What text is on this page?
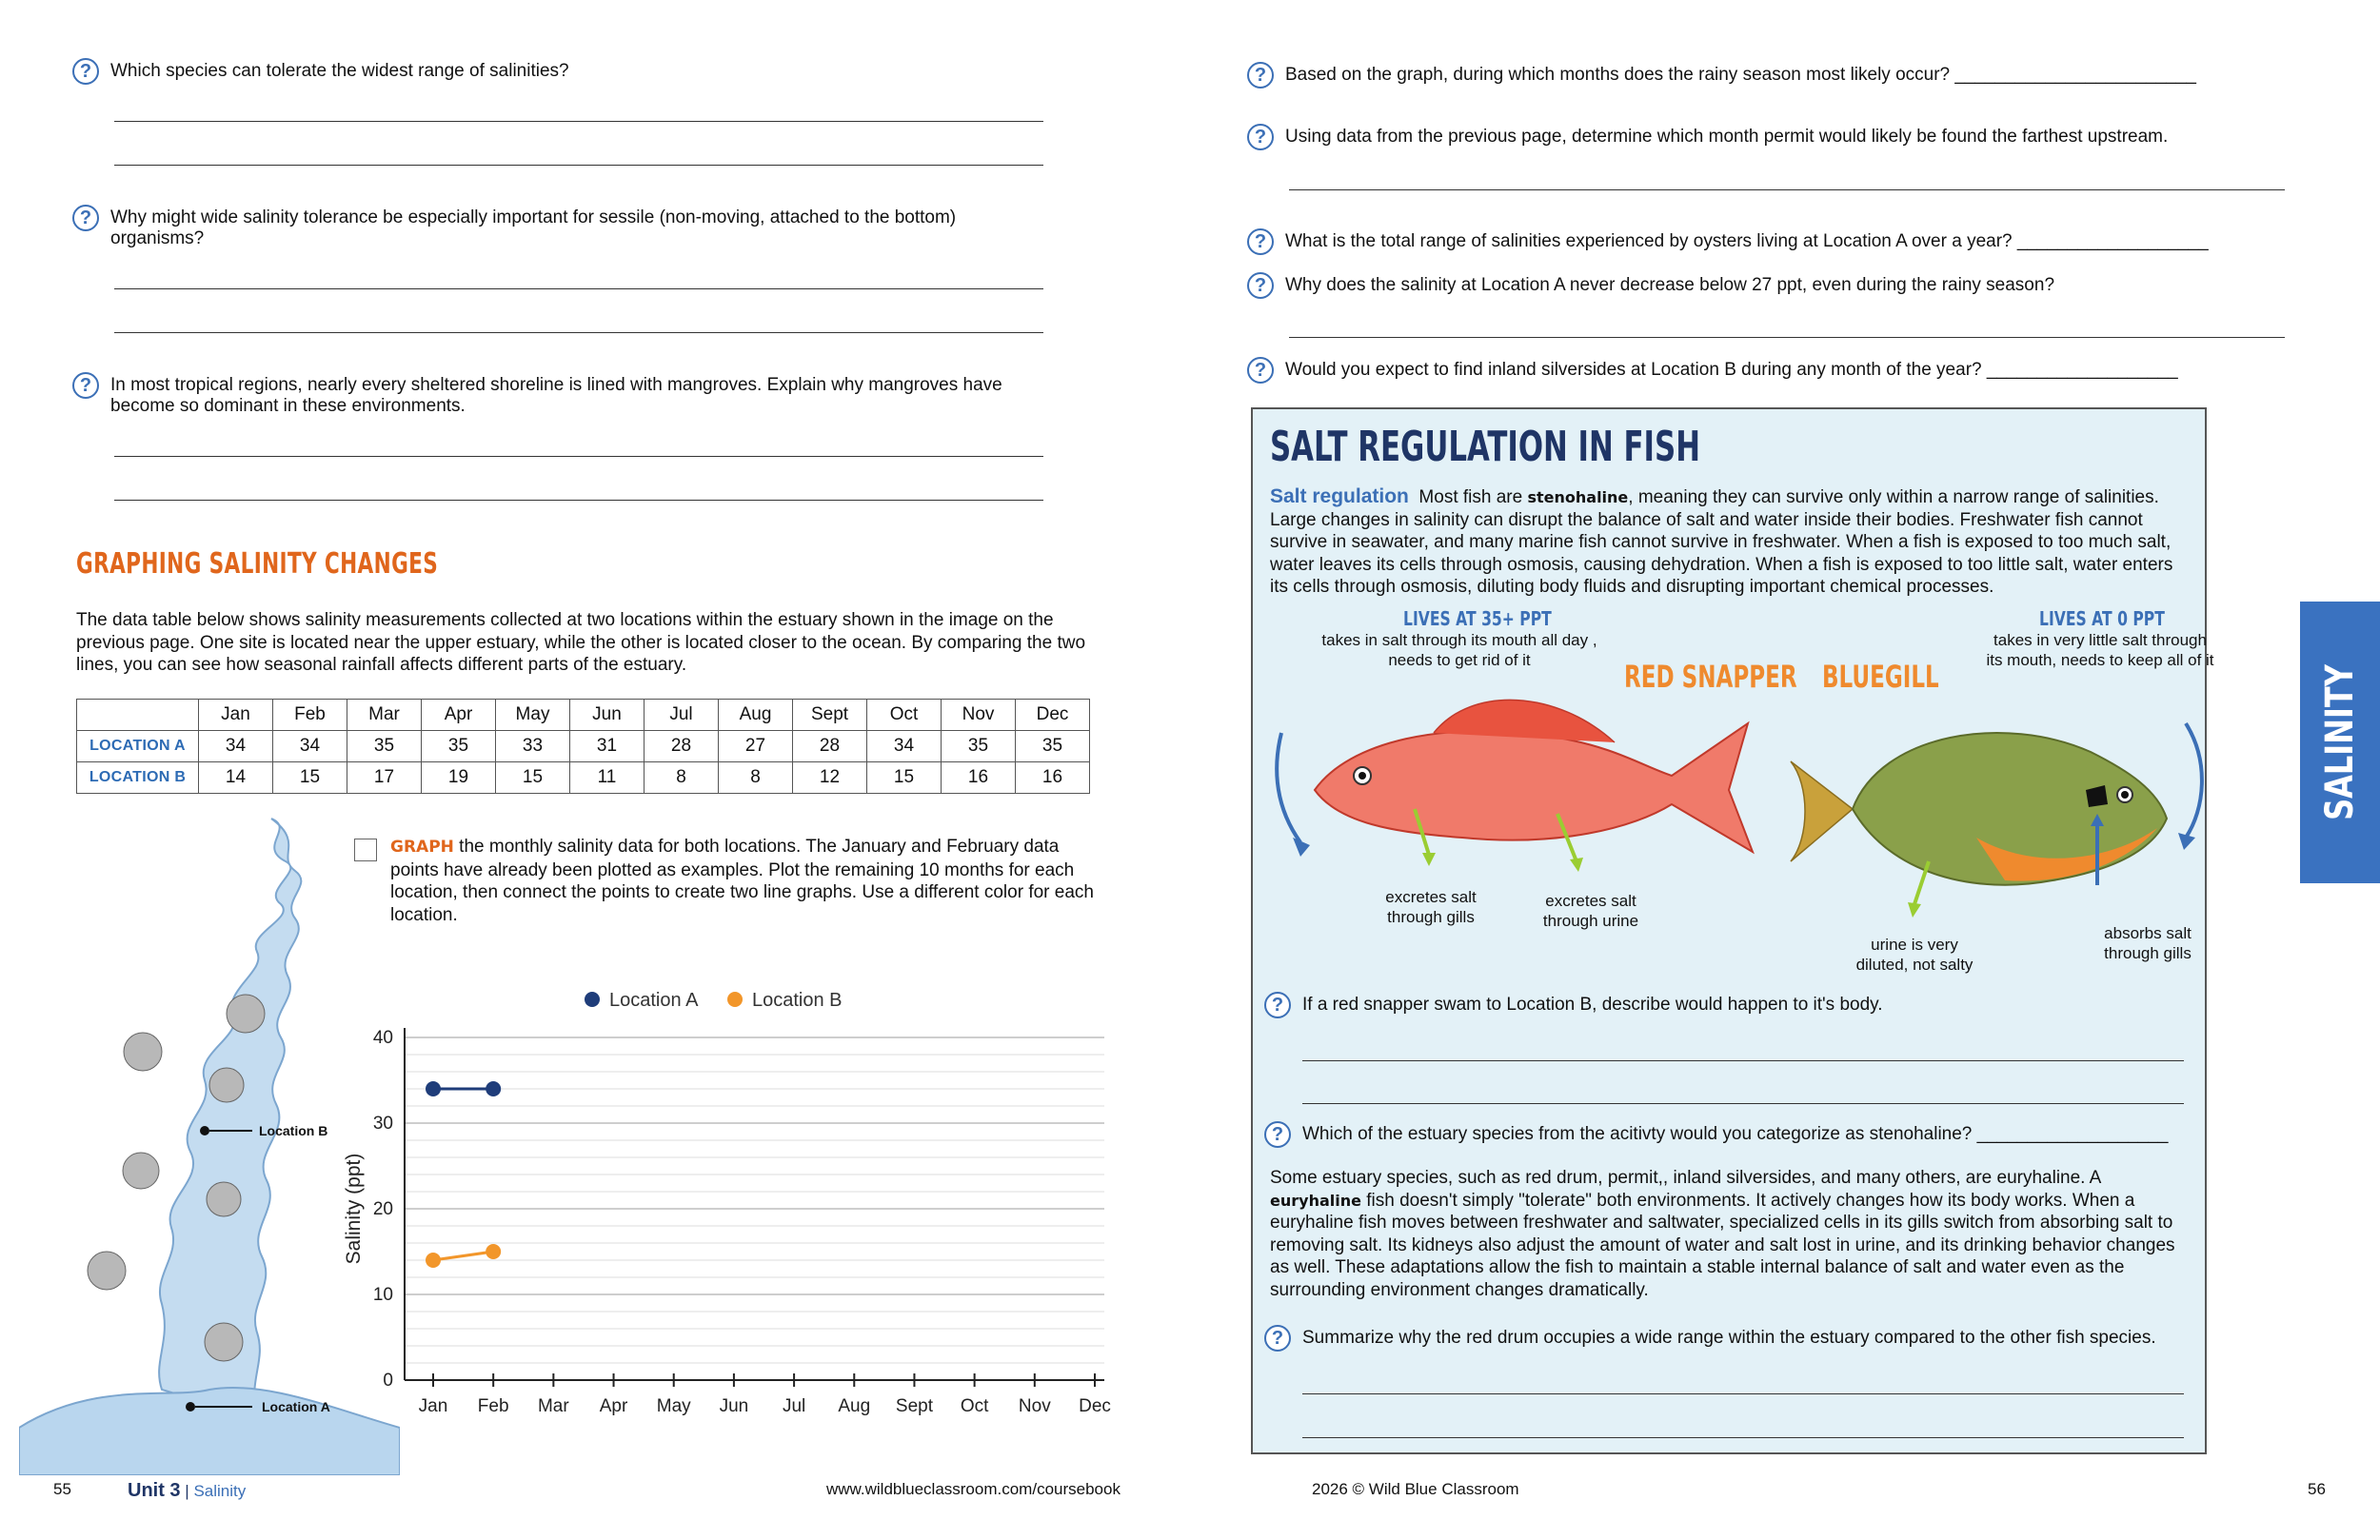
?	Which species can tolerate the widest range of salinities?
?	Why might wide salinity tolerance be especially important for sessile (non-moving, attached to the bottom) organisms?
?	In most tropical regions, nearly every sheltered shoreline is lined with mangroves. Explain why mangroves have become so dominant in these environments.
GRAPHING SALINITY CHANGES
The data table below shows salinity measurements collected at two locations within the estuary shown in the image on the previous page. One site is located near the upper estuary, while the other is located closer to the ocean. By comparing the two lines, you can see how seasonal rainfall affects different parts of the estuary.
	Jan	Feb	Mar	Apr	May	Jun	Jul	Aug	Sept	Oct	Nov	Dec
LOCATION A	34	34	35	35	33	31	28	27	28	34	35	35
LOCATION B	14	15	17	19	15	11	8	8	12	15	16	16
Location B
Location A
GRAPH the monthly salinity data for both locations. The January and February data points have already been plotted as examples. Plot the remaining 10 months for each location, then connect the points to create two line graphs. Use a different color for each location.
0
10
20
30
40
Jan Feb Mar Apr May Jun Jul Aug Sept Oct Nov Dec
Salinity (ppt)
Location A	Location B
55	Unit 3 | Salinity	www.wildblueclassroom.com/coursebook
?	Based on the graph, during which months does the rainy season most likely occur? ________________________
?	Using data from the previous page, determine which month permit would likely be found the farthest upstream.
?	What is the total range of salinities experienced by oysters living at Location A over a year? ___________________
?	Why does the salinity at Location A never decrease below 27 ppt, even during the rainy season?
?	Would you expect to find inland silversides at Location B during any month of the year? ___________________
SALT REGULATION IN FISH
Salt regulation Most fish are stenohaline, meaning they can survive only within a narrow range of salinities. Large changes in salinity can disrupt the balance of salt and water inside their bodies. Freshwater fish cannot survive in seawater, and many marine fish cannot survive in freshwater. When a fish is exposed to too much salt, water leaves its cells through osmosis, causing dehydration. When a fish is exposed to too little salt, water enters its cells through osmosis, diluting body fluids and disrupting important chemical processes.
LIVES AT 35+ PPT
takes in salt through its mouth all day , needs to get rid of it	RED SNAPPER BLUEGILL
excretes salt through gills
excretes salt through urine
LIVES AT 0 PPT
takes in very little salt through its mouth, needs to keep all of it
urine is very diluted, not salty
absorbs salt through gills
?	If a red snapper swam to Location B, describe would happen to it's body.
?	Which of the estuary species from the acitivty would you categorize as stenohaline? ___________________
Some estuary species, such as red drum, permit,, inland silversides, and many others, are euryhaline. A euryhaline fish doesn't simply "tolerate" both environments. It actively changes how its body works. When a euryhaline fish moves between freshwater and saltwater, specialized cells in its gills switch from absorbing salt to removing salt. Its kidneys also adjust the amount of water and salt lost in urine, and its drinking behavior changes as well. These adaptations allow the fish to maintain a stable internal balance of salt and water even as the surrounding environment changes dramatically.
?	Summarize why the red drum occupies a wide range within the estuary compared to the other fish species.
SALINITY
2026 © Wild Blue Classroom	56
